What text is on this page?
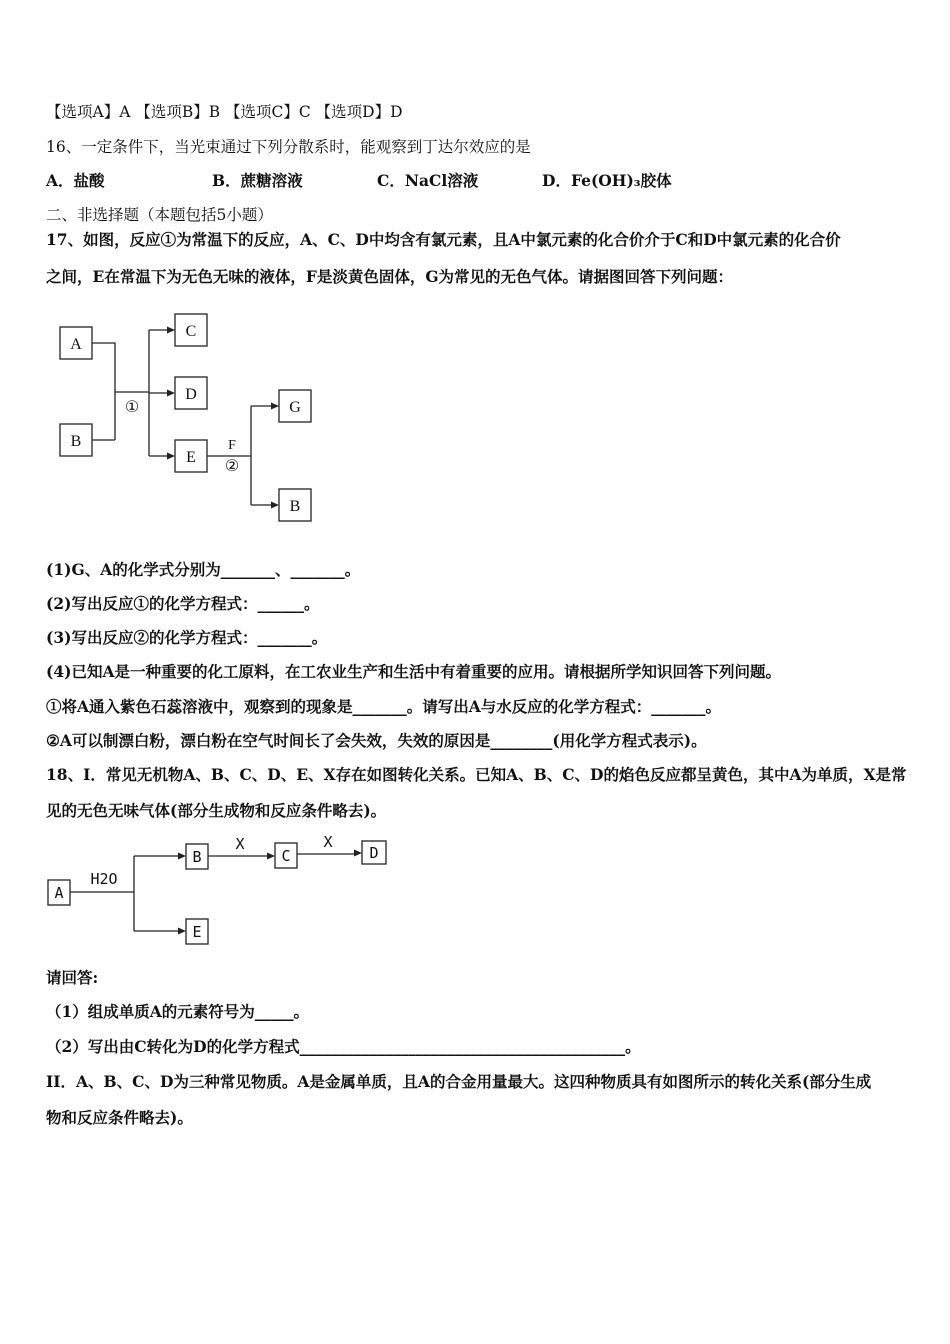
【选项A】A 【选项B】B 【选项C】C 【选项D】D
16、一定条件下，当光束通过下列分散系时，能观察到丁达尔效应的是
A．盐酸	B．蔗糖溶液	C．NaCl溶液	D．Fe(OH)₃胶体
二、非选择题（本题包括5小题）
17、如图，反应①为常温下的反应，A、C、D中均含有氯元素，且A中氯元素的化合价介于C和D中氯元素的化合价
之间，E在常温下为无色无味的液体，F是淡黄色固体，G为常见的无色气体。请据图回答下列问题：
A
B
C
D
E
G
B
①
F
②
(1)G、A的化学式分别为_______、_______。
(2)写出反应①的化学方程式：______。
(3)写出反应②的化学方程式：_______。
(4)已知A是一种重要的化工原料，在工农业生产和生活中有着重要的应用。请根据所学知识回答下列问题。
①将A通入紫色石蕊溶液中，观察到的现象是_______。请写出A与水反应的化学方程式：_______。
②A可以制漂白粉，漂白粉在空气时间长了会失效，失效的原因是________(用化学方程式表示)。
18、I．常见无机物A、B、C、D、E、X存在如图转化关系。已知A、B、C、D的焰色反应都呈黄色，其中A为单质，X是常
见的无色无味气体(部分生成物和反应条件略去)。
A
B	C	D
E
H2O
X	X
请回答:
（1）组成单质A的元素符号为_____。
（2）写出由C转化为D的化学方程式__________________________________________。
II．A、B、C、D为三种常见物质。A是金属单质，且A的合金用量最大。这四种物质具有如图所示的转化关系(部分生成
物和反应条件略去)。
